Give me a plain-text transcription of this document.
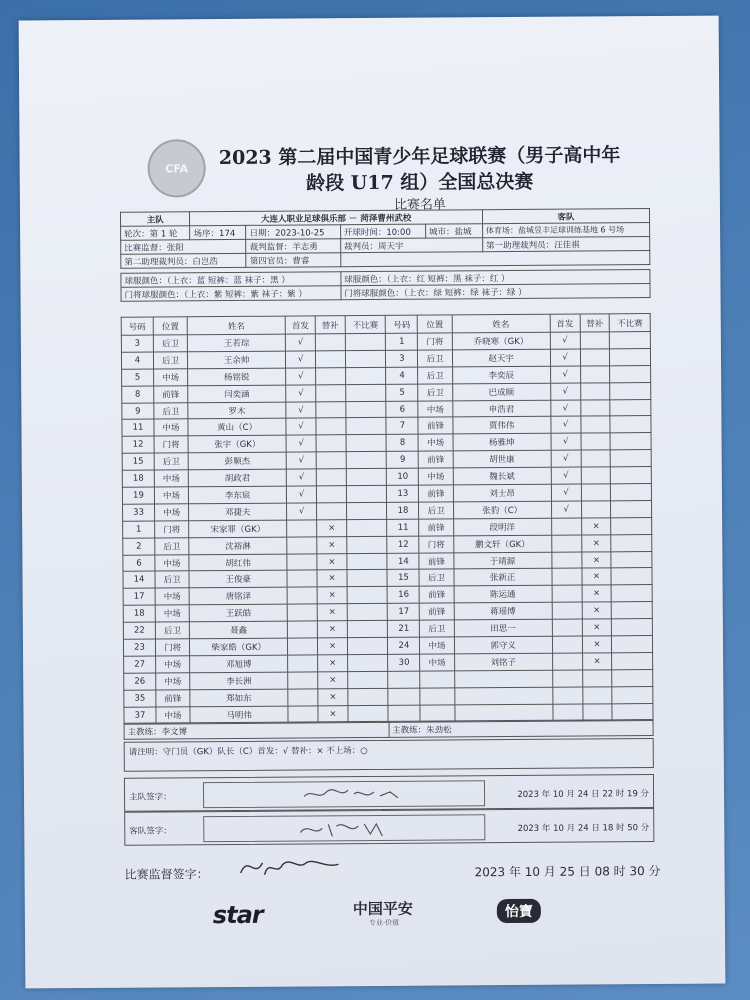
CFA	2023 第二届中国青少年足球联赛（男子高中年龄段 U17 组）全国总决赛
比赛名单
主队	大连人职业足球俱乐部 － 菏泽曹州武校				客队
轮次：第 1 轮	场序：174	日期：2023-10-25	开球时间：10:00	城市：盐城	体育场：盐城昱丰足球训练基地 6 号场
比赛监督：张阳		裁判监督：羊志勇	裁判员：周天宇		第一助理裁判员：汪佳祺
第二助理裁判员：白岂浩		第四官员：曹睿			

球服颜色：（上衣：蓝 短裤：蓝 袜子：黑 ）			球服颜色：（上衣：红 短裤：黑 袜子：红 ）		
门将球服颜色：（上衣：紫 短裤：紫 袜子：紫 ）			门将球服颜色：（上衣：绿 短裤：绿 袜子：绿 ）		
号码	位置	姓名	首发	替补	不比赛	号码	位置	姓名	首发	替补	不比赛
3	后卫	王若琮	√			1	门将	乔晓寒（GK）	√		
4	后卫	王余帅	√			3	后卫	赵天宇	√		
5	中场	杨铭锐	√			4	后卫	李奕辰	√		
8	前锋	闫奕涵	√			5	后卫	巴成顺	√		
9	后卫	罗木	√			6	中场	申浩君	√		
11	中场	黄山（C）	√			7	前锋	贾伟伟	√		
12	门将	张宇（GK）	√			8	中场	杨雅坤	√		
15	后卫	彭顺杰	√			9	前锋	胡世康	√		
18	中场	胡政君	√			10	中场	魏长斌	√		
19	中场	李东宸	√			13	前锋	刘士昂	√		
33	中场	邓捷夫	√			18	后卫	张豹（C）	√		
1	门将	宋家罪（GK）		×		11	前锋	段明洋		×	
2	后卫	沈裕淋		×		12	门将	鹏文轩（GK）		×	
6	中场	胡红伟		×		14	前锋	于靖源		×	
14	后卫	王俊豪		×		15	后卫	张新正		×	
17	中场	唐铭泽		×		16	前锋	陈运通		×	
18	中场	王跃皓		×		17	前锋	蒋瑶博		×	
22	后卫	聂鑫		×		21	后卫	田思一		×	
23	门将	柴家皓（GK）		×		24	中场	郭守义		×	
27	中场	邓旭博		×		30	中场	刘铭子		×	
26	中场	李长洲		×							
35	前锋	郑如东		×							
37	中场	马明伟		×							
主教练：李文博	主教练：朱劲松
请注明：守门员（GK）队长（C）首发：√ 替补：× 不上场：○
主队签字：	2023 年 10 月 24 日 22 时 19 分
客队签字：	2023 年 10 月 24 日 18 时 50 分
比赛监督签字：	2023 年 10 月 25 日 08 时 30 分
star	中国平安
专业·价值
怡寶
